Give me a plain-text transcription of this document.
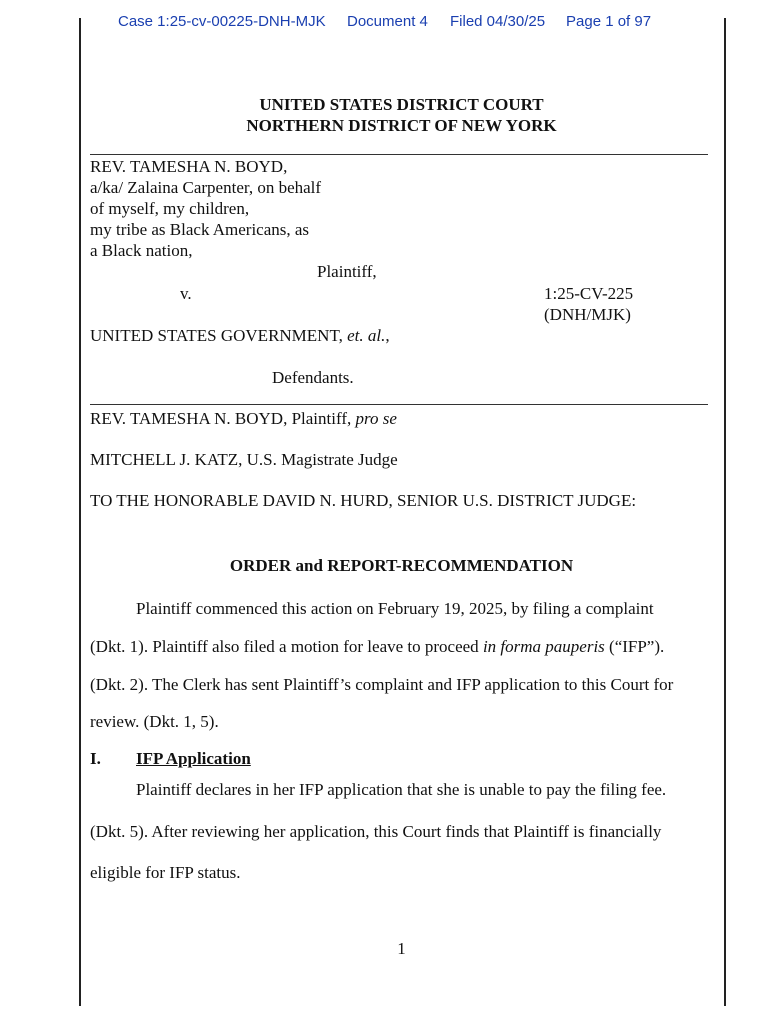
Case 1:25-cv-00225-DNH-MJK Document 4 Filed 04/30/25 Page 1 of 97
UNITED STATES DISTRICT COURT
NORTHERN DISTRICT OF NEW YORK
REV. TAMESHA N. BOYD,
a/ka/ Zalaina Carpenter, on behalf
of myself, my children,
my tribe as Black Americans, as
a Black nation,
Plaintiff,
v.	1:25-CV-225
(DNH/MJK)
UNITED STATES GOVERNMENT, et. al.,
Defendants.
REV. TAMESHA N. BOYD, Plaintiff, pro se
MITCHELL J. KATZ, U.S. Magistrate Judge
TO THE HONORABLE DAVID N. HURD, SENIOR U.S. DISTRICT JUDGE:
ORDER and REPORT-RECOMMENDATION
Plaintiff commenced this action on February 19, 2025, by filing a complaint
(Dkt. 1). Plaintiff also filed a motion for leave to proceed in forma pauperis (“IFP”).
(Dkt. 2). The Clerk has sent Plaintiff’s complaint and IFP application to this Court for
review. (Dkt. 1, 5).
I. IFP Application
Plaintiff declares in her IFP application that she is unable to pay the filing fee.
(Dkt. 5). After reviewing her application, this Court finds that Plaintiff is financially
eligible for IFP status.
1
